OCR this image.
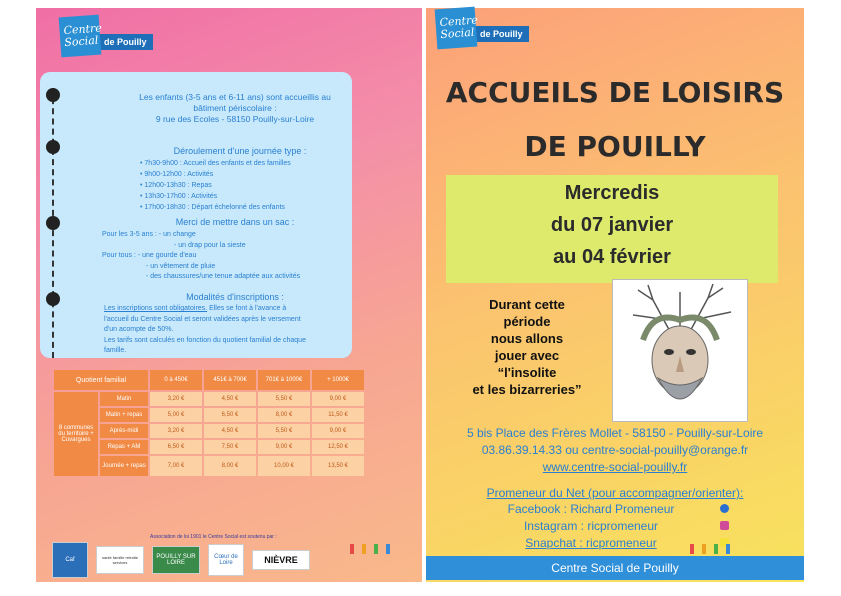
Centre
Social de Pouilly
Les enfants (3-5 ans et 6-11 ans) sont accueillis au
bâtiment périscolaire :
9 rue des Ecoles - 58150 Pouilly-sur-Loire
Déroulement d'une journée type :
• 7h30-9h00 : Accueil des enfants et des familles
• 9h00-12h00 : Activités
• 12h00-13h30 : Repas
• 13h30-17h00 : Activités
• 17h00-18h30 : Départ échelonné des enfants
Merci de mettre dans un sac :
Pour les 3-5 ans : - un change
- un drap pour la sieste
Pour tous : - une gourde d'eau
- un vêtement de pluie
- des chaussures/une tenue adaptée aux activités
Modalités d'inscriptions :
Les inscriptions sont obligatoires. Elles se font à l'avance à
l'accueil du Centre Social et seront validées après le versement
d'un acompte de 50%.
Les tarifs sont calculés en fonction du quotient familial de chaque
famille.
Quotient familial		0 à 450€	451€ à 700€	701€ à 1000€	+ 1000€
8 communes du territoire + Cuvargues	Matin	3,20 €	4,50 €	5,50 €	9,00 €
	Matin + repas	5,00 €	6,50 €	8,00 €	11,50 €
	Après-midi	3,20 €	4,50 €	5,50 €	9,00 €
	Repas + AM	6,50 €	7,50 €	9,00 €	12,50 €
	Journée + repas	7,00 €	8,00 €	10,00 €	13,50 €
Association de loi 1901 le Centre Social est soutenu par :
Caf	santé famille retraite services
POUILLY SUR LOIRE
Cœur de Loire	NIÈVRE
Centre
Social de Pouilly
ACCUEILS DE LOISIRS
DE POUILLY
Mercredis
du 07 janvier
au 04 février
Durant cette
période
nous allons
jouer avec
“l'insolite
et les bizarreries”
5 bis Place des Frères Mollet - 58150 - Pouilly-sur-Loire
03.86.39.14.33 ou centre-social-pouilly@orange.fr
www.centre-social-pouilly.fr
Promeneur du Net (pour accompagner/orienter):
Facebook : Richard Promeneur
Instagram : ricpromeneur
Snapchat : ricpromeneur
Centre Social de Pouilly
